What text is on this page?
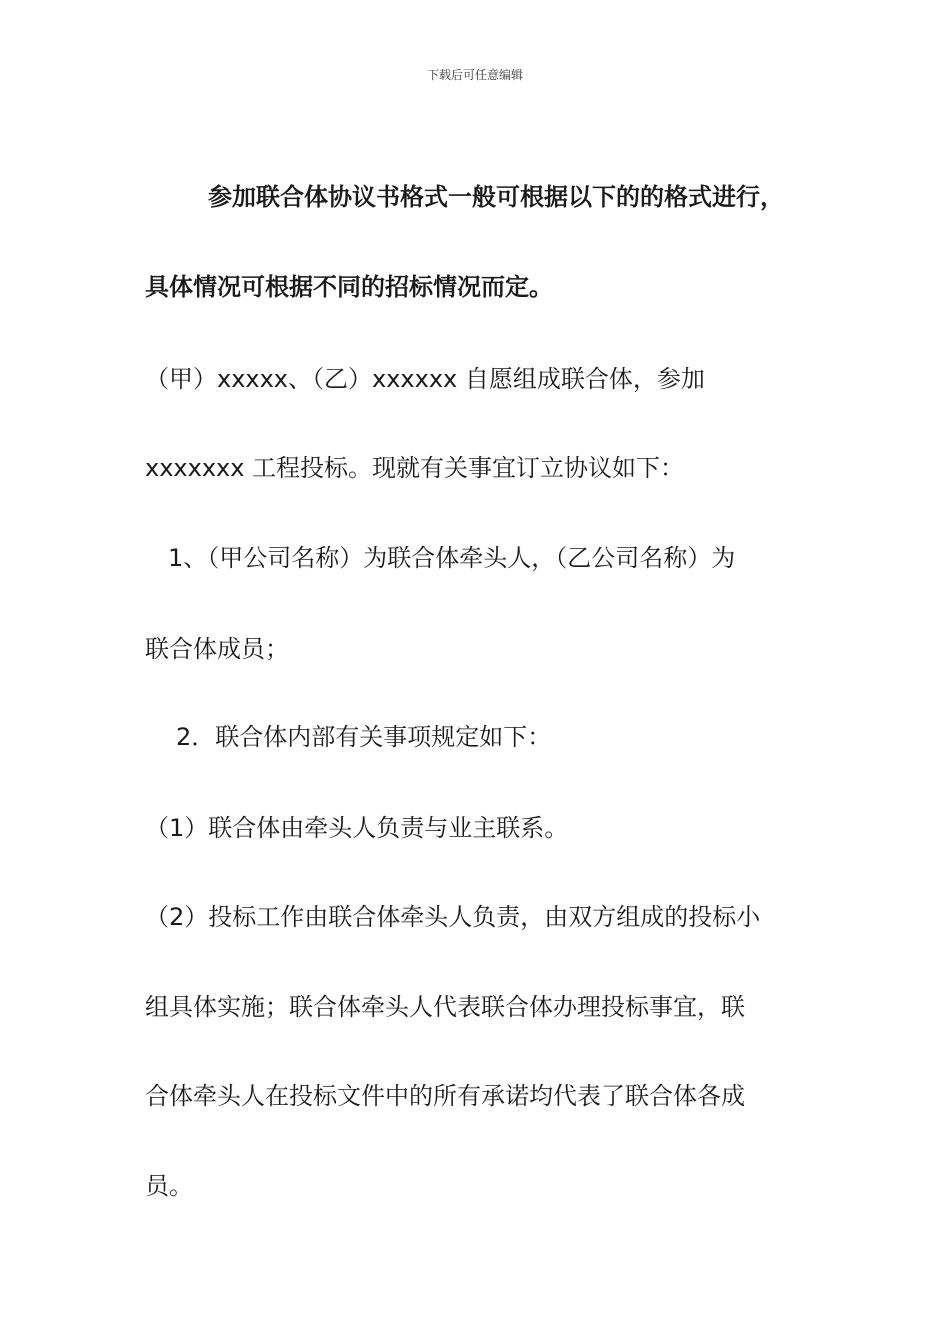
下载后可任意编辑
参加联合体协议书格式一般可根据以下的的格式进行，
具体情况可根据不同的招标情况而定。
（甲）xxxxx、（乙）xxxxxx 自愿组成联合体，参加
xxxxxxx 工程投标。现就有关事宜订立协议如下：
1、（甲公司名称）为联合体牵头人，（乙公司名称）为
联合体成员；
2．联合体内部有关事项规定如下：
（1）联合体由牵头人负责与业主联系。
（2）投标工作由联合体牵头人负责，由双方组成的投标小
组具体实施；联合体牵头人代表联合体办理投标事宜，联
合体牵头人在投标文件中的所有承诺均代表了联合体各成
员。
